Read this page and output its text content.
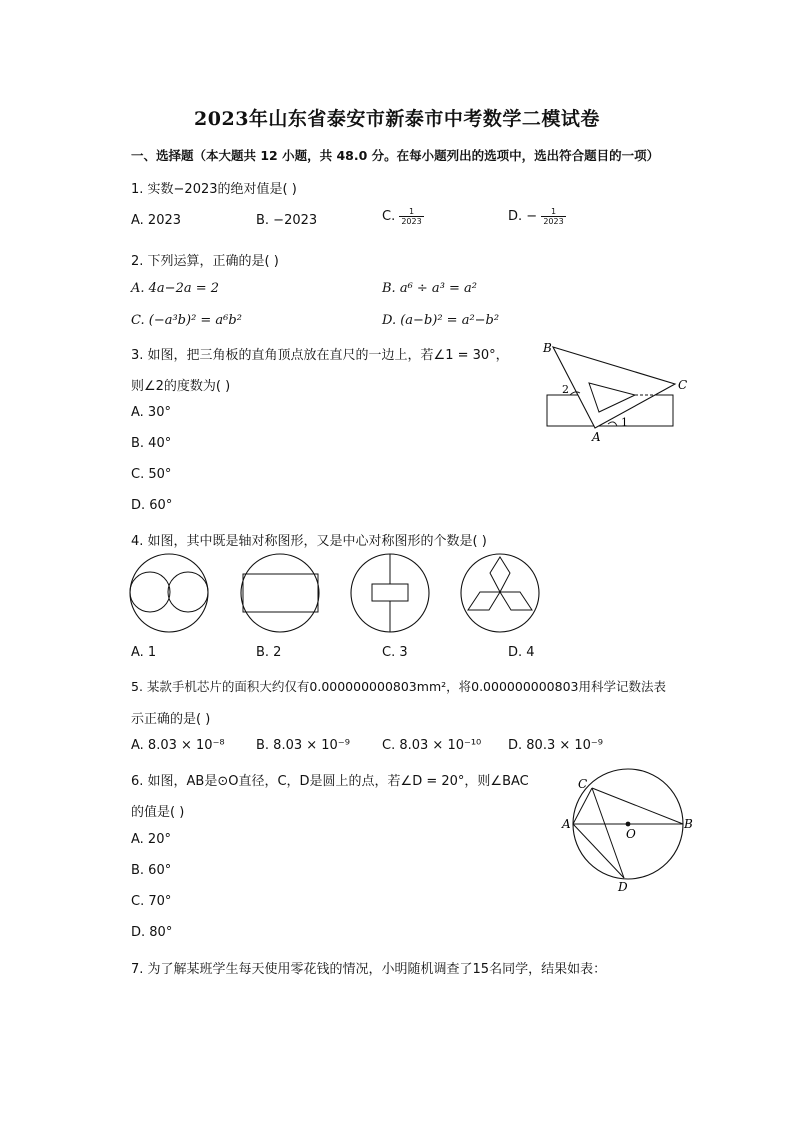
2023年山东省泰安市新泰市中考数学二模试卷
一、选择题（本大题共 12 小题，共 48.0 分。在每小题列出的选项中，选出符合题目的一项）
1. 实数−2023的绝对值是( )
A. 2023	B. −2023	C. $\frac{1}{2023}$	D. − $\frac{1}{2023}$
2. 下列运算，正确的是( )
A. 4a−2a = 2	B. a⁶ ÷ a³ = a²
C. (−a³b)² = a⁶b²	D. (a−b)² = a²−b²
3. 如图，把三角板的直角顶点放在直尺的一边上，若∠1 = 30°，
则∠2的度数为( )
A. 30°
B. 40°
C. 50°
D. 60°
B
C
A
1
2
4. 如图，其中既是轴对称图形，又是中心对称图形的个数是( )
A. 1	B. 2	C. 3	D. 4
5. 某款手机芯片的面积大约仅有0.000000000803mm²，将0.000000000803用科学记数法表
示正确的是( )
A. 8.03 × 10⁻⁸ B. 8.03 × 10⁻⁹ C. 8.03 × 10⁻¹⁰ D. 80.3 × 10⁻⁹
6. 如图，AB是⊙O直径，C，D是圆上的点，若∠D = 20°，则∠BAC
的值是( )
A. 20°
B. 60°
C. 70°
D. 80°
C
A
O
B
D
7. 为了解某班学生每天使用零花钱的情况，小明随机调查了15名同学，结果如表：
